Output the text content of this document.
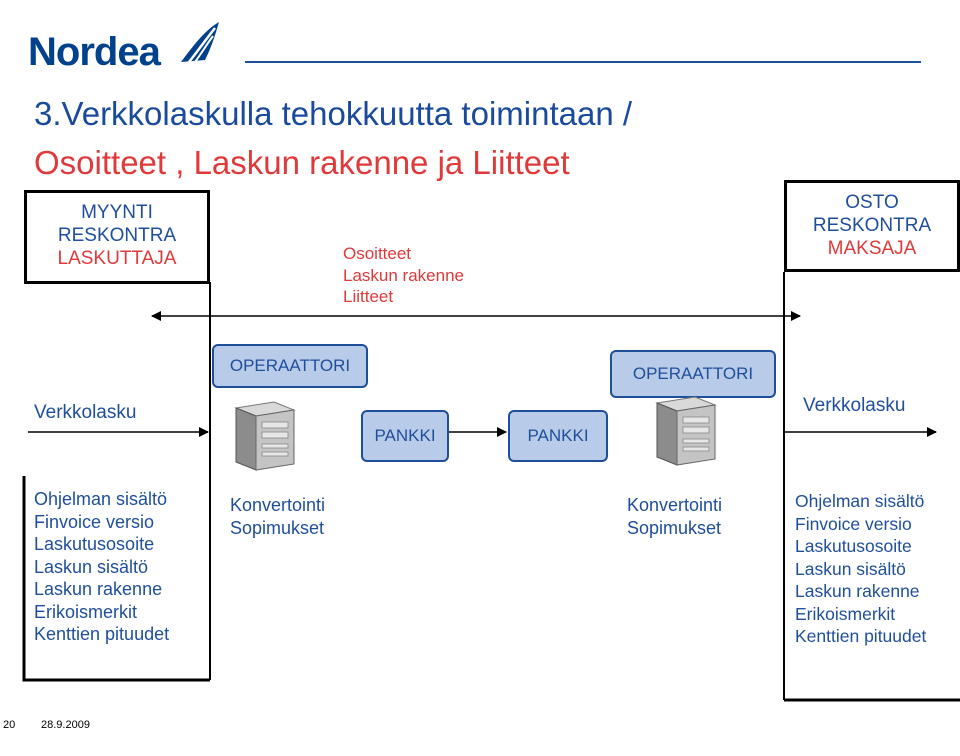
Nordea
3.Verkkolaskulla tehokkuutta toimintaan /
Osoitteet , Laskun rakenne ja Liitteet
MYYNTI
RESKONTRA
LASKUTTAJA
OSTO
RESKONTRA
MAKSAJA
Osoitteet
Laskun rakenne
Liitteet
Verkkolasku	Verkkolasku
OPERAATTORI
PANKKI	PANKKI
OPERAATTORI
Ohjelman sisältö
Finvoice versio
Laskutusosoite
Laskun sisältö
Laskun rakenne
Erikoismerkit
Kenttien pituudet
Konvertointi
Sopimukset
Konvertointi
Sopimukset
Ohjelman sisältö
Finvoice versio
Laskutusosoite
Laskun sisältö
Laskun rakenne
Erikoismerkit
Kenttien pituudet
20 28.9.2009
